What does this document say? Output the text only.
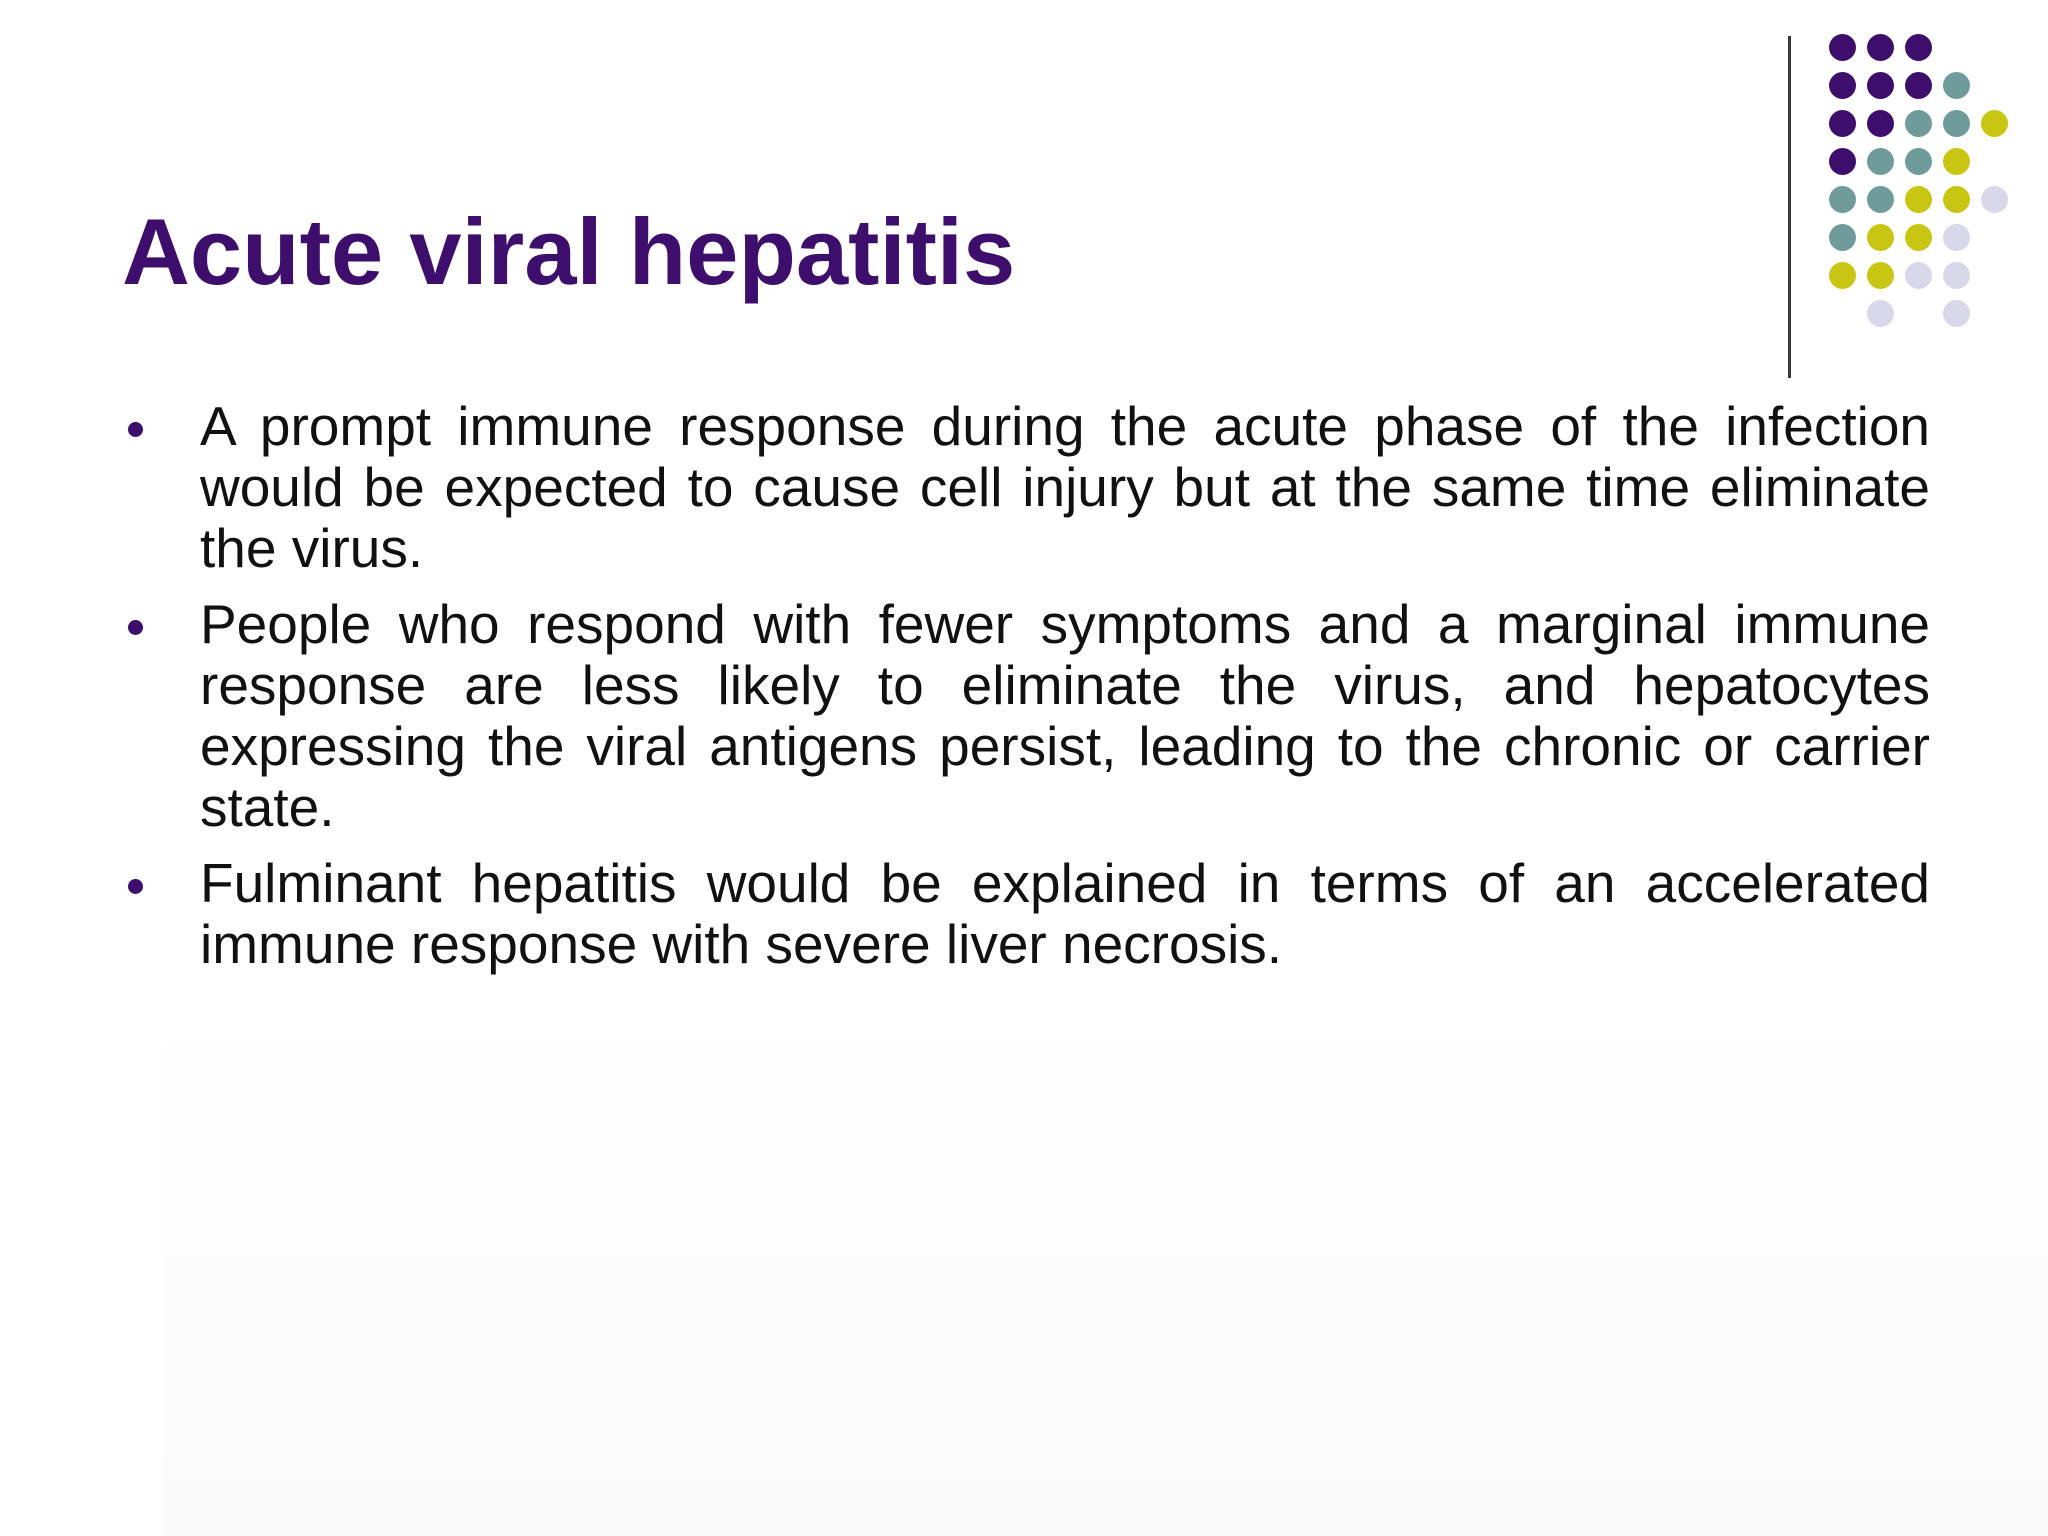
Acute viral hepatitis
A prompt immune response during the acute phase of the infection would be expected to cause cell injury but at the same time eliminate the virus.
People who respond with fewer symptoms and a marginal immune response are less likely to eliminate the virus, and hepatocytes expressing the viral antigens persist, leading to the chronic or carrier state.
Fulminant hepatitis would be explained in terms of an accelerated immune response with severe liver necrosis.
